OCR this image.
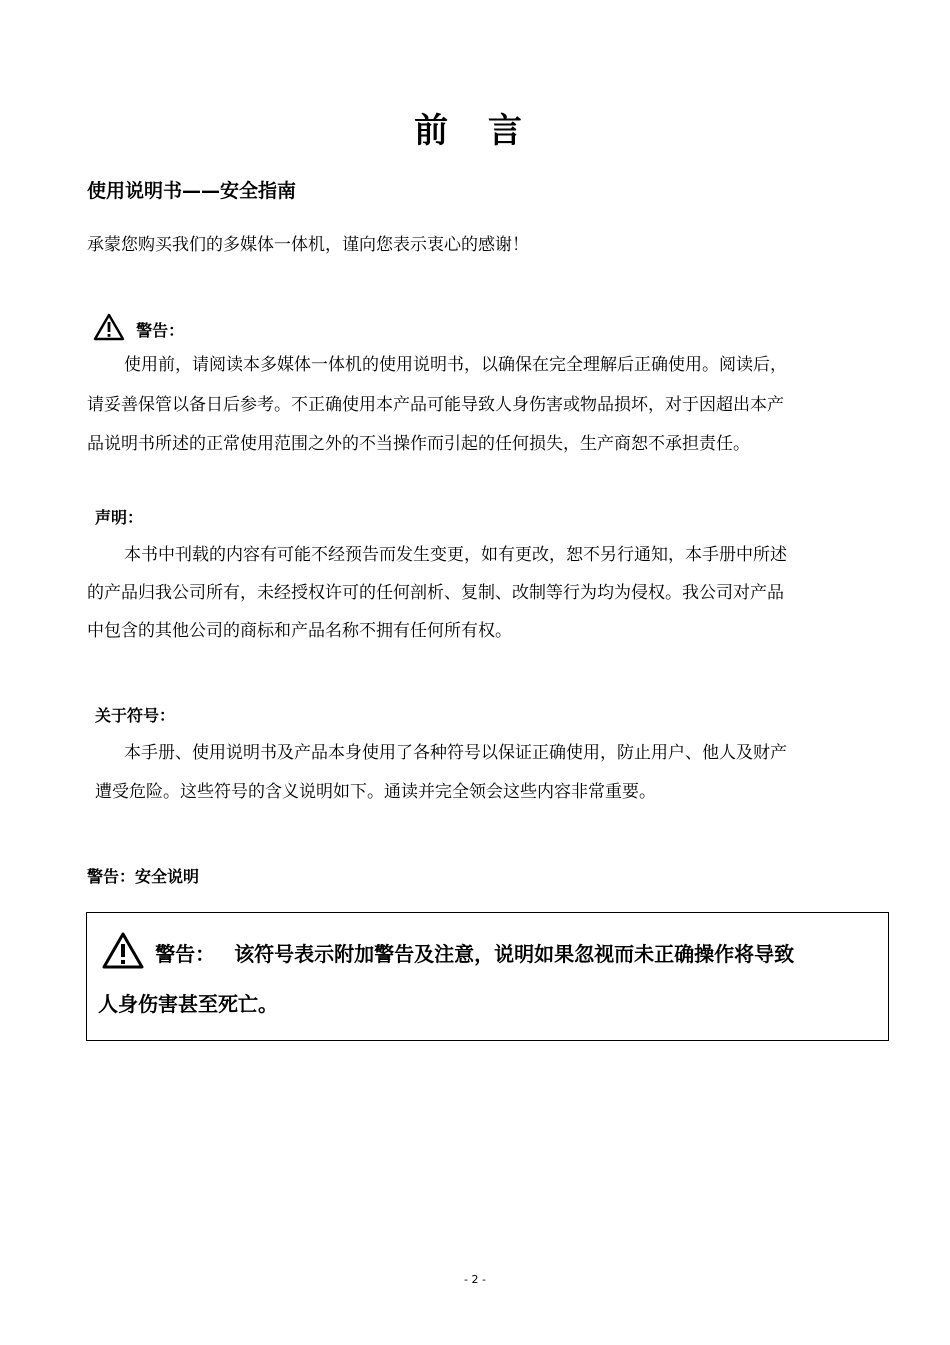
前 言
使用说明书——安全指南
承蒙您购买我们的多媒体一体机，谨向您表示衷心的感谢！
警告：
使用前，请阅读本多媒体一体机的使用说明书，以确保在完全理解后正确使用。阅读后，
请妥善保管以备日后参考。不正确使用本产品可能导致人身伤害或物品损坏，对于因超出本产
品说明书所述的正常使用范围之外的不当操作而引起的任何损失，生产商恕不承担责任。
声明：
本书中刊载的内容有可能不经预告而发生变更，如有更改，恕不另行通知，本手册中所述
的产品归我公司所有，未经授权许可的任何剖析、复制、改制等行为均为侵权。我公司对产品
中包含的其他公司的商标和产品名称不拥有任何所有权。
关于符号：
本手册、使用说明书及产品本身使用了各种符号以保证正确使用，防止用户、他人及财产
遭受危险。这些符号的含义说明如下。通读并完全领会这些内容非常重要。
警告：安全说明
警告： 该符号表示附加警告及注意，说明如果忽视而未正确操作将导致
人身伤害甚至死亡。
- 2 -
